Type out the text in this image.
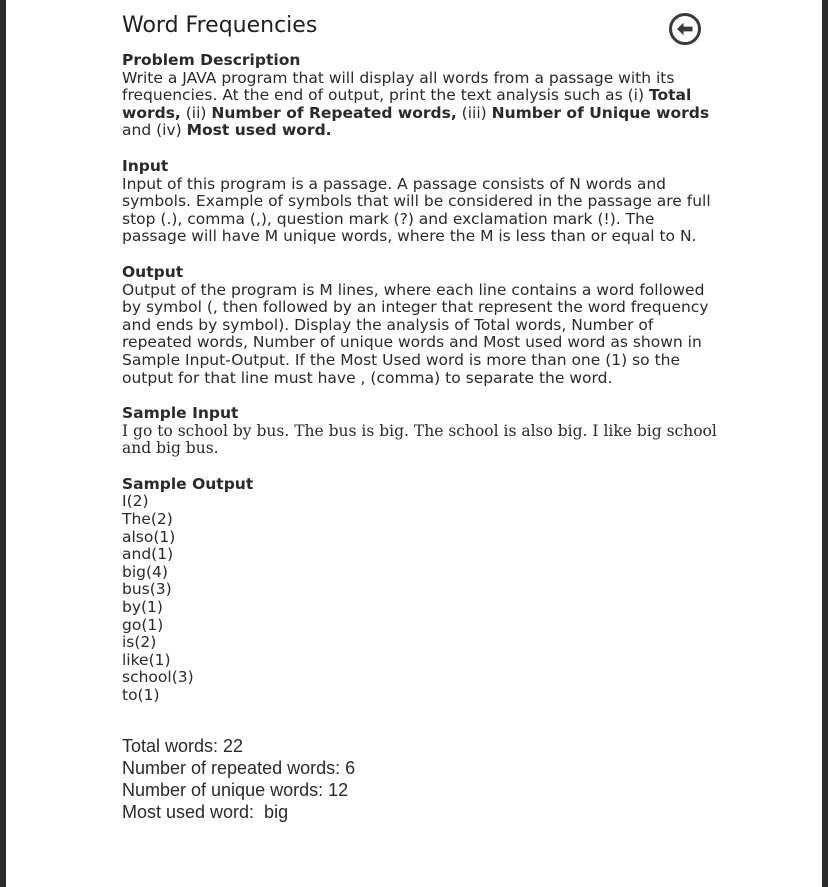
Word Frequencies
Problem Description
Write a JAVA program that will display all words from a passage with its frequencies. At the end of output, print the text analysis such as (i) Total words, (ii) Number of Repeated words, (iii) Number of Unique words and (iv) Most used word.
Input
Input of this program is a passage. A passage consists of N words and symbols. Example of symbols that will be considered in the passage are full stop (.), comma (,), question mark (?) and exclamation mark (!). The passage will have M unique words, where the M is less than or equal to N.
Output
Output of the program is M lines, where each line contains a word followed by symbol (, then followed by an integer that represent the word frequency and ends by symbol). Display the analysis of Total words, Number of repeated words, Number of unique words and Most used word as shown in Sample Input-Output. If the Most Used word is more than one (1) so the output for that line must have , (comma) to separate the word.
Sample Input
I go to school by bus. The bus is big. The school is also big. I like big school and big bus.
Sample Output
I(2)
The(2)
also(1)
and(1)
big(4)
bus(3)
by(1)
go(1)
is(2)
like(1)
school(3)
to(1)
Total words: 22
Number of repeated words: 6
Number of unique words: 12
Most used word:  big
